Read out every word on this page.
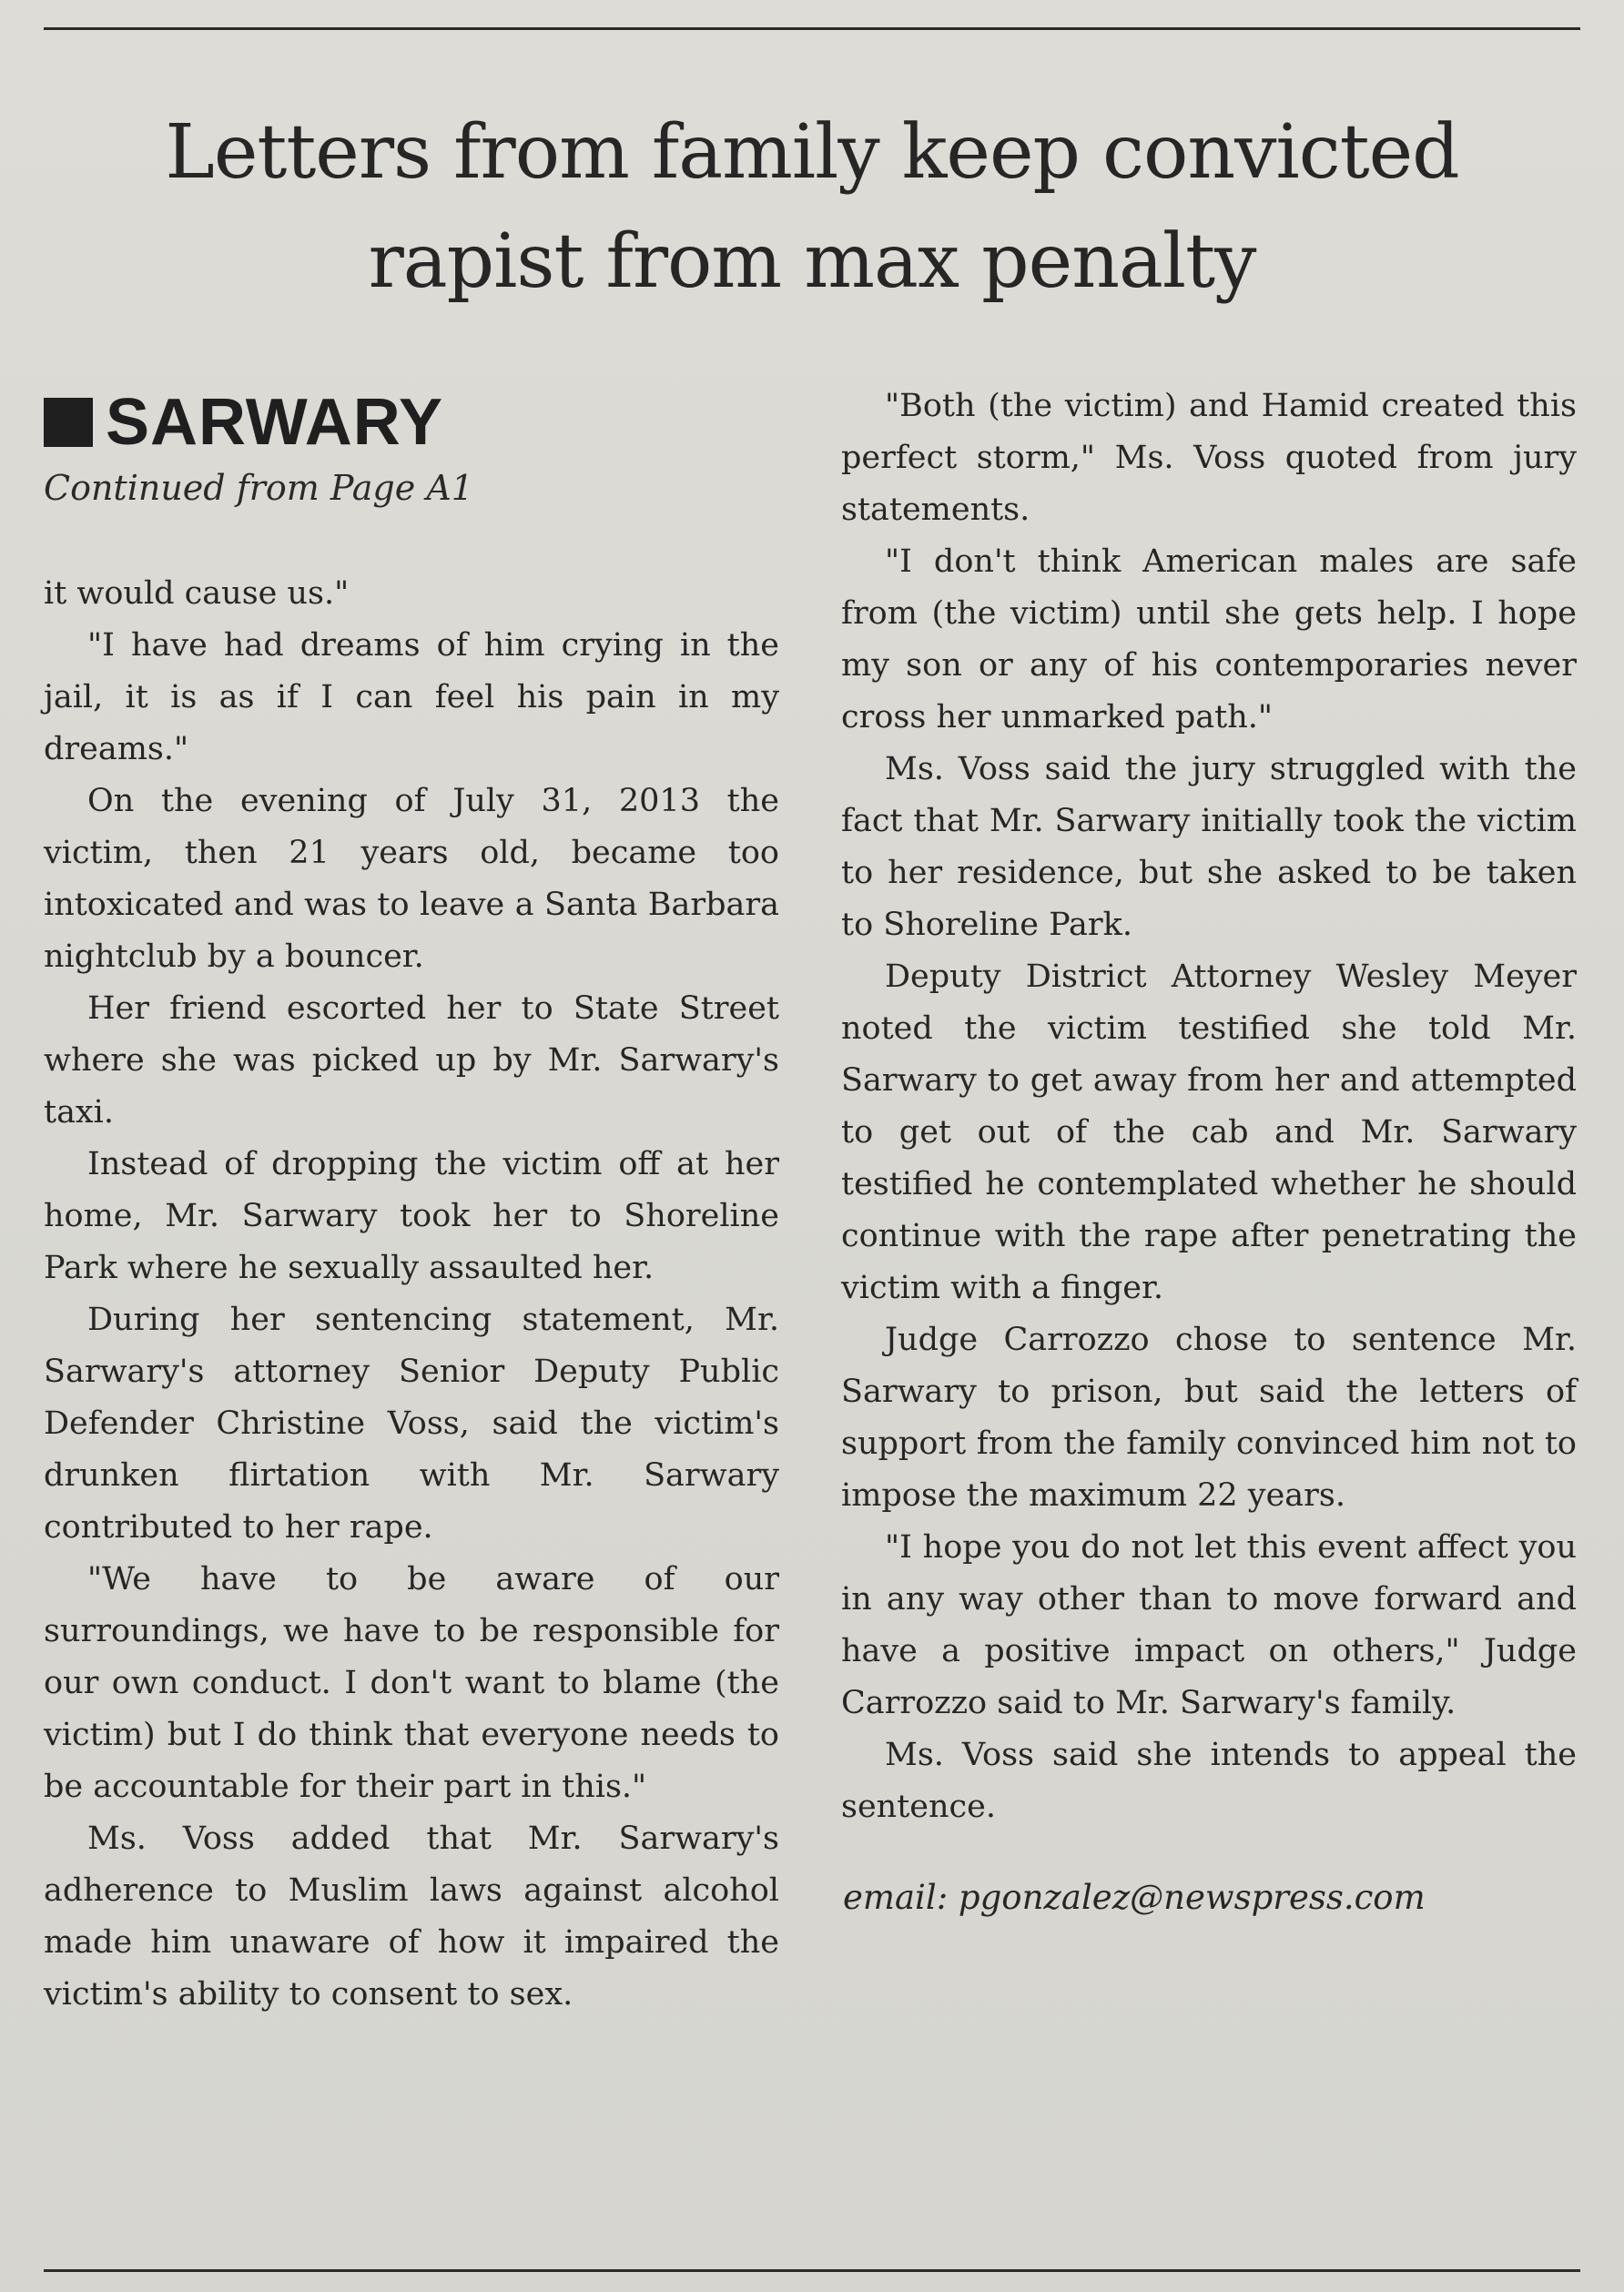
Letters from family keep convicted
rapist from max penalty
SARWARY
Continued from Page A1

it would cause us."

"I have had dreams of him crying in the jail, it is as if I can feel his pain in my dreams."

On the evening of July 31, 2013 the victim, then 21 years old, became too intoxicated and was to leave a Santa Barbara nightclub by a bouncer.

Her friend escorted her to State Street where she was picked up by Mr. Sarwary's taxi.

Instead of dropping the victim off at her home, Mr. Sarwary took her to Shoreline Park where he sexually assaulted her.

During her sentencing statement, Mr. Sarwary's attorney Senior Deputy Public Defender Christine Voss, said the victim's drunken flirtation with Mr. Sarwary contributed to her rape.

"We have to be aware of our surroundings, we have to be responsible for our own conduct. I don't want to blame (the victim) but I do think that everyone needs to be accountable for their part in this."

Ms. Voss added that Mr. Sarwary's adherence to Muslim laws against alcohol made him unaware of how it impaired the victim's ability to consent to sex.

"Both (the victim) and Hamid created this perfect storm," Ms. Voss quoted from jury statements.

"I don't think American males are safe from (the victim) until she gets help. I hope my son or any of his contemporaries never cross her unmarked path."

Ms. Voss said the jury struggled with the fact that Mr. Sarwary initially took the victim to her residence, but she asked to be taken to Shoreline Park.

Deputy District Attorney Wesley Meyer noted the victim testified she told Mr. Sarwary to get away from her and attempted to get out of the cab and Mr. Sarwary testified he contemplated whether he should continue with the rape after penetrating the victim with a finger.

Judge Carrozzo chose to sentence Mr. Sarwary to prison, but said the letters of support from the family convinced him not to impose the maximum 22 years.

"I hope you do not let this event affect you in any way other than to move forward and have a positive impact on others," Judge Carrozzo said to Mr. Sarwary's family.

Ms. Voss said she intends to appeal the sentence.

email: pgonzalez@newspress.com
